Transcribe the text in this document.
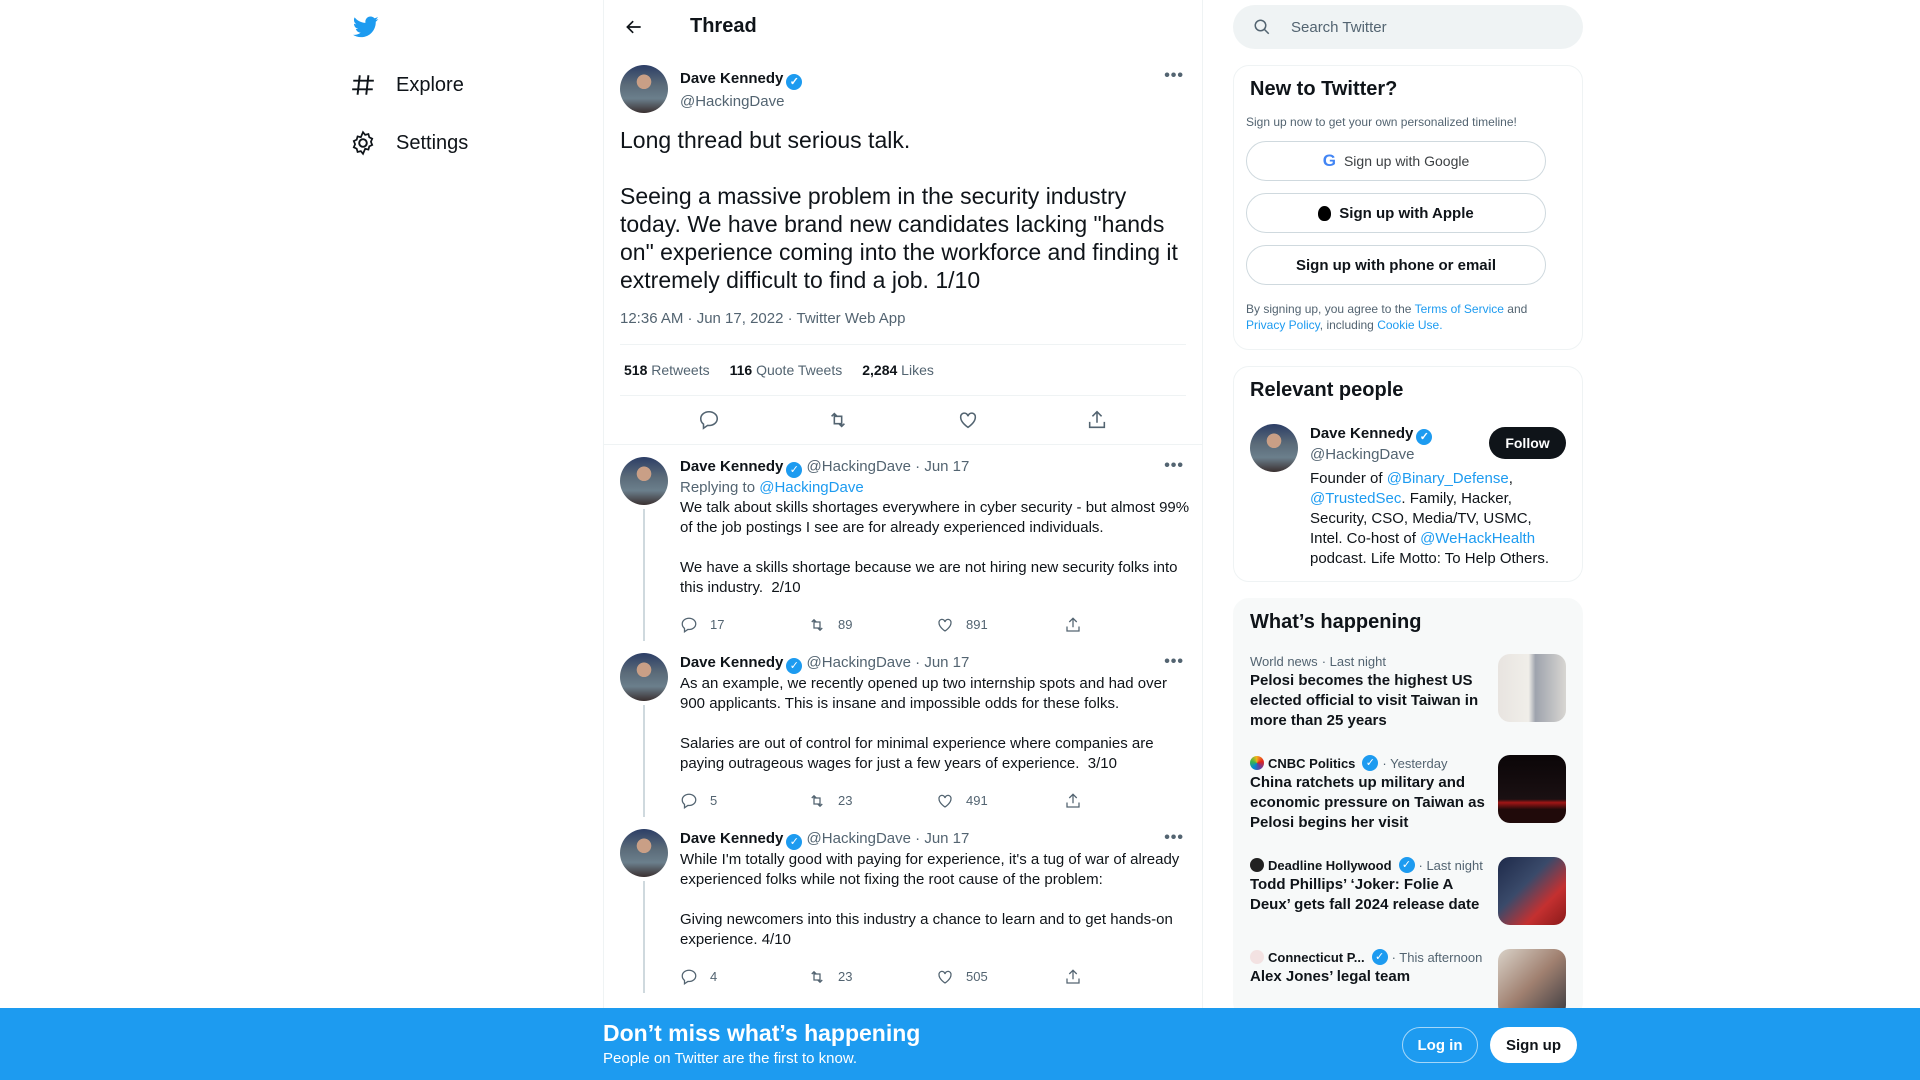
Explore
Settings
Thread
•••
Dave Kennedy ✓
@HackingDave
Long thread but serious talk.

Seeing a massive problem in the security industry today. We have brand new candidates lacking "hands on" experience coming into the workforce and finding it extremely difficult to find a job. 1/10
12:36 AM · Jun 17, 2022 · Twitter Web App
518 Retweets 116 Quote Tweets 2,284 Likes
•••
Dave Kennedy ✓ @HackingDave · Jun 17
Replying to @HackingDave
We talk about skills shortages everywhere in cyber security - but almost 99% of the job postings I see are for already experienced individuals.

We have a skills shortage because we are not hiring new security folks into this industry.  2/10
17	89	891
•••
Dave Kennedy ✓ @HackingDave · Jun 17
As an example, we recently opened up two internship spots and had over 900 applicants. This is insane and impossible odds for these folks.

Salaries are out of control for minimal experience where companies are paying outrageous wages for just a few years of experience.  3/10
5	23	491
•••
Dave Kennedy ✓ @HackingDave · Jun 17
While I'm totally good with paying for experience, it's a tug of war of already experienced folks while not fixing the root cause of the problem:

Giving newcomers into this industry a chance to learn and to get hands-on experience. 4/10
4	23	505
Search Twitter
New to Twitter?
Sign up now to get your own personalized timeline!
G Sign up with Google
Sign up with Apple
Sign up with phone or email
By signing up, you agree to the Terms of Service and Privacy Policy, including Cookie Use.
Relevant people
Dave Kennedy ✓
@HackingDave
Founder of @Binary_Defense, @TrustedSec. Family, Hacker, Security, CSO, Media/TV, USMC, Intel. Co-host of @WeHackHealth podcast. Life Motto: To Help Others.
Follow
What’s happening
World news · Last night
Pelosi becomes the highest US elected official to visit Taiwan in more than 25 years
CNBC Politics ✓ · Yesterday
China ratchets up military and economic pressure on Taiwan as Pelosi begins her visit
Deadline Hollywood ✓ · Last night
Todd Phillips’ ‘Joker: Folie A Deux’ gets fall 2024 release date
Connecticut P... ✓ · This afternoon
Alex Jones’ legal team
Don’t miss what’s happening
People on Twitter are the first to know.
Log in	Sign up
